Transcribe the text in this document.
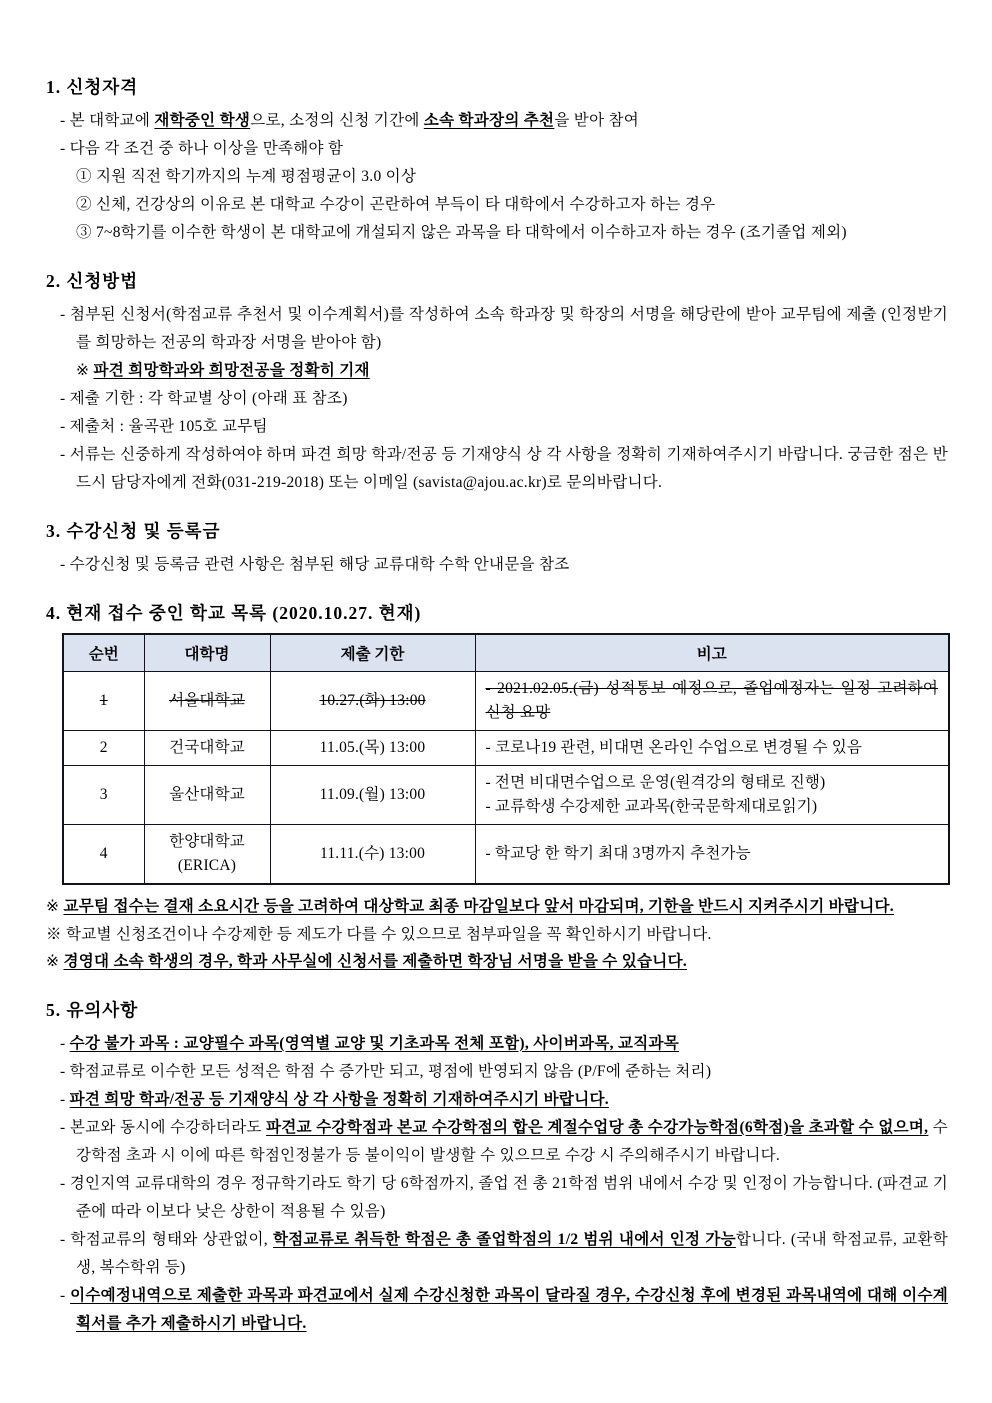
1. 신청자격
- 본 대학교에 재학중인 학생으로, 소정의 신청 기간에 소속 학과장의 추천을 받아 참여
- 다음 각 조건 중 하나 이상을 만족해야 함
① 지원 직전 학기까지의 누계 평점평균이 3.0 이상
② 신체, 건강상의 이유로 본 대학교 수강이 곤란하여 부득이 타 대학에서 수강하고자 하는 경우
③ 7~8학기를 이수한 학생이 본 대학교에 개설되지 않은 과목을 타 대학에서 이수하고자 하는 경우 (조기졸업 제외)
2. 신청방법
- 첨부된 신청서(학점교류 추천서 및 이수계획서)를 작성하여 소속 학과장 및 학장의 서명을 해당란에 받아 교무팀에 제출 (인정받기를 희망하는 전공의 학과장 서명을 받아야 함)
※ 파견 희망학과와 희망전공을 정확히 기재
- 제출 기한 : 각 학교별 상이 (아래 표 참조)
- 제출처 : 율곡관 105호 교무팀
- 서류는 신중하게 작성하여야 하며 파견 희망 학과/전공 등 기재양식 상 각 사항을 정확히 기재하여주시기 바랍니다. 궁금한 점은 반드시 담당자에게 전화(031-219-2018) 또는 이메일 (savista@ajou.ac.kr)로 문의바랍니다.
3. 수강신청 및 등록금
- 수강신청 및 등록금 관련 사항은 첨부된 해당 교류대학 수학 안내문을 참조
4. 현재 접수 중인 학교 목록 (2020.10.27. 현재)
순번	대학명	제출 기한	비고

1	서울대학교	10.27.(화) 13:00	- 2021.02.05.(금) 성적통보 예정으로, 졸업예정자는 일정 고려하여 신청 요망

2	건국대학교	11.05.(목) 13:00	- 코로나19 관련, 비대면 온라인 수업으로 변경될 수 있음

3	울산대학교	11.09.(월) 13:00	- 전면 비대면수업으로 운영(원격강의 형태로 진행)
- 교류학생 수강제한 교과목(한국문학제대로읽기)

4	한양대학교
(ERICA)	11.11.(수) 13:00	- 학교당 한 학기 최대 3명까지 추천가능
※ 교무팀 접수는 결재 소요시간 등을 고려하여 대상학교 최종 마감일보다 앞서 마감되며, 기한을 반드시 지켜주시기 바랍니다.
※ 학교별 신청조건이나 수강제한 등 제도가 다를 수 있으므로 첨부파일을 꼭 확인하시기 바랍니다.
※ 경영대 소속 학생의 경우, 학과 사무실에 신청서를 제출하면 학장님 서명을 받을 수 있습니다.
5. 유의사항
- 수강 불가 과목 : 교양필수 과목(영역별 교양 및 기초과목 전체 포함), 사이버과목, 교직과목
- 학점교류로 이수한 모든 성적은 학점 수 증가만 되고, 평점에 반영되지 않음 (P/F에 준하는 처리)
- 파견 희망 학과/전공 등 기재양식 상 각 사항을 정확히 기재하여주시기 바랍니다.
- 본교와 동시에 수강하더라도 파견교 수강학점과 본교 수강학점의 합은 계절수업당 총 수강가능학점(6학점)을 초과할 수 없으며, 수강학점 초과 시 이에 따른 학점인정불가 등 불이익이 발생할 수 있으므로 수강 시 주의해주시기 바랍니다.
- 경인지역 교류대학의 경우 정규학기라도 학기 당 6학점까지, 졸업 전 총 21학점 범위 내에서 수강 및 인정이 가능합니다. (파견교 기준에 따라 이보다 낮은 상한이 적용될 수 있음)
- 학점교류의 형태와 상관없이, 학점교류로 취득한 학점은 총 졸업학점의 1/2 범위 내에서 인정 가능합니다. (국내 학점교류, 교환학생, 복수학위 등)
- 이수예정내역으로 제출한 과목과 파견교에서 실제 수강신청한 과목이 달라질 경우, 수강신청 후에 변경된 과목내역에 대해 이수계획서를 추가 제출하시기 바랍니다.
